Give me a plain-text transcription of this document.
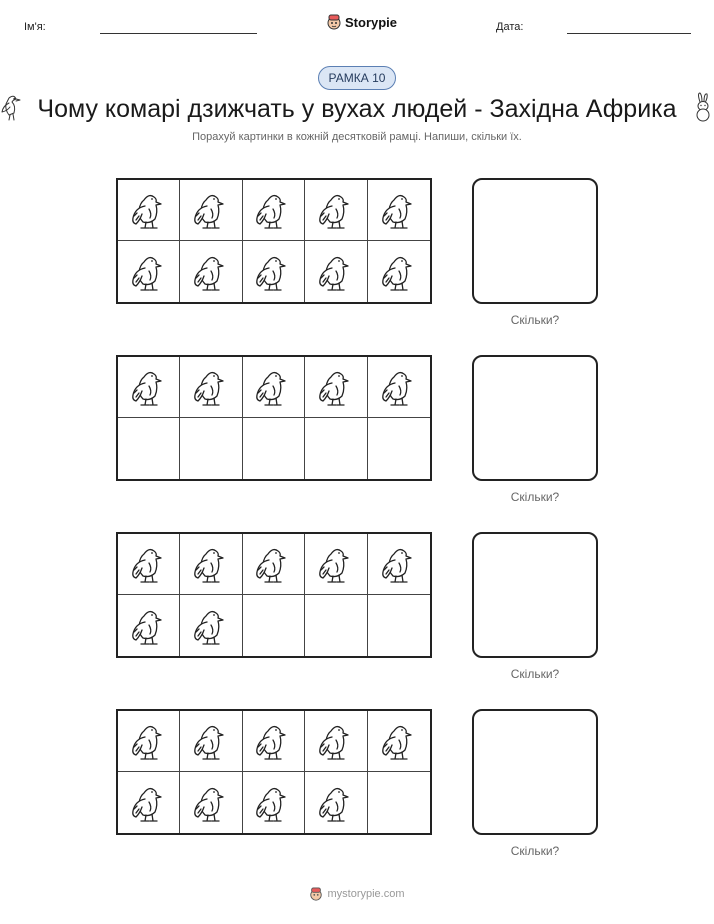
Ім'я:	Storypie	Дата:
РАМКА 10
Чому комарі дзижчать у вухах людей - Західна Африка
Порахуй картинки в кожній десятковій рамці. Напиши, скільки їх.
Скільки?
Скільки?
Скільки?
Скільки?
mystorypie.com
